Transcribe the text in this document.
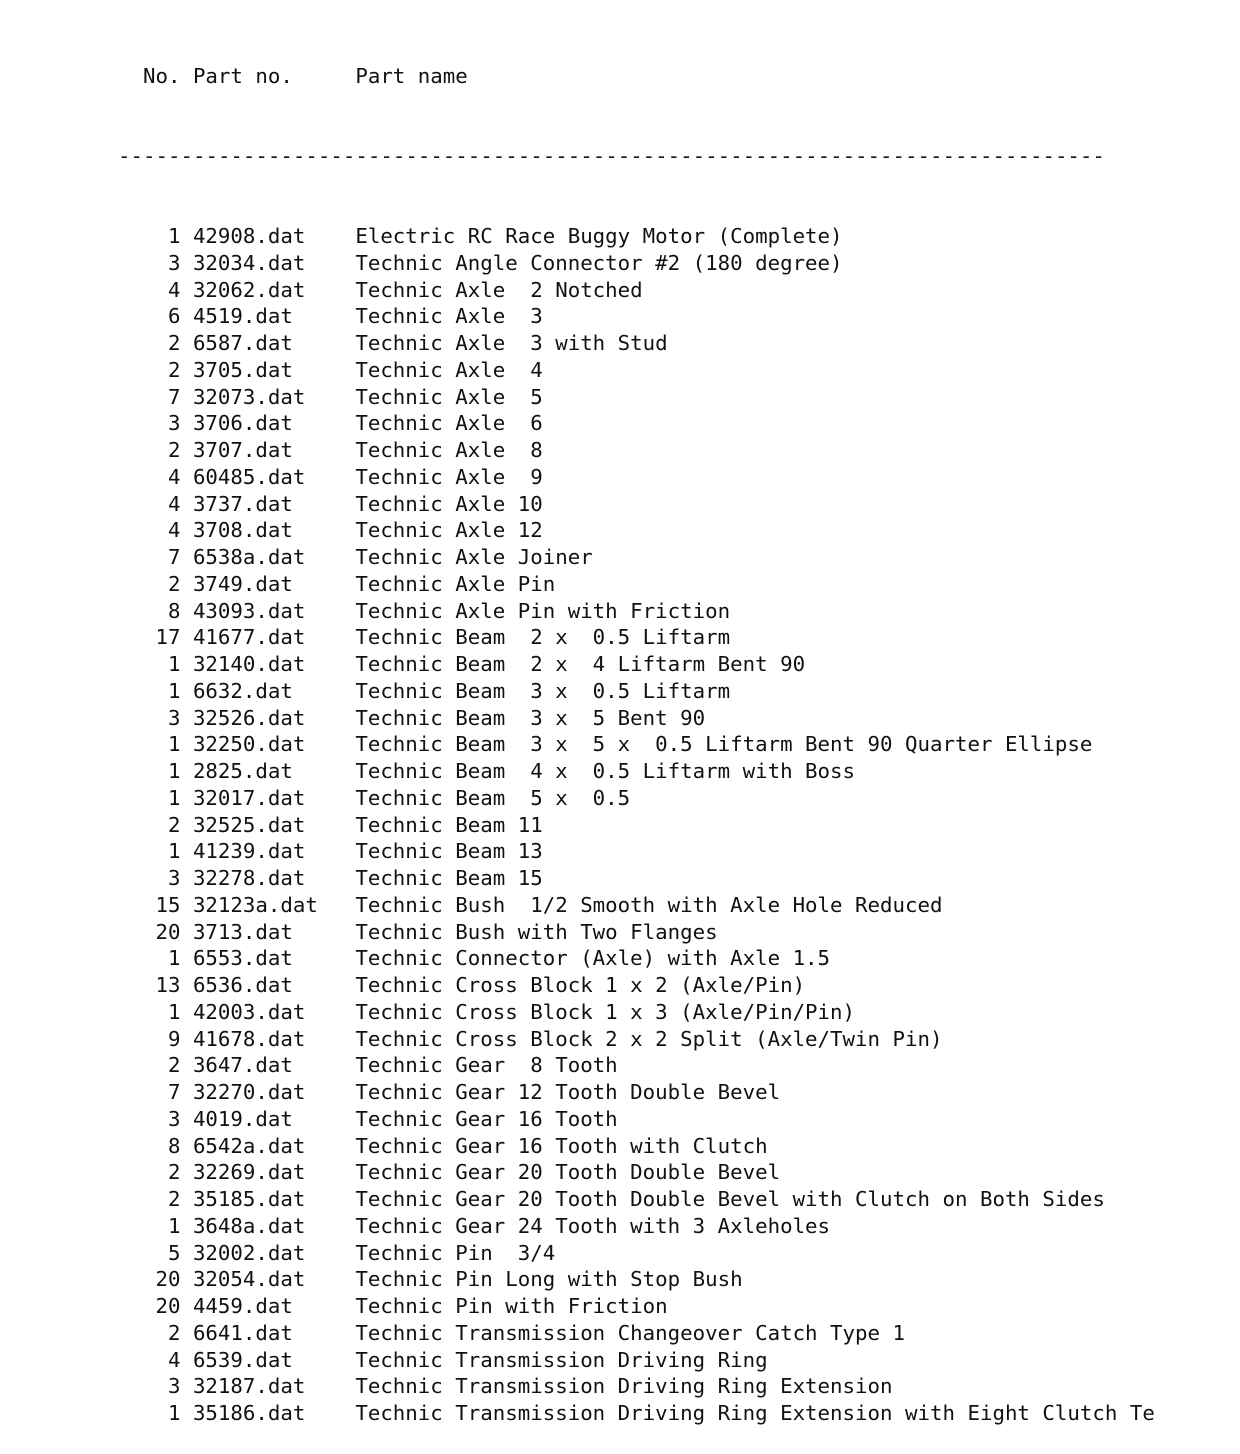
No. Part no.	Part name

-------------------------------------------------------------------------------

1 42908.dat Electric RC Race Buggy Motor (Complete)
3 32034.dat Technic Angle Connector #2 (180 degree)
4 32062.dat Technic Axle  2 Notched
6 4519.dat	Technic Axle  3
2 6587.dat	Technic Axle  3 with Stud
2 3705.dat	Technic Axle  4
7 32073.dat Technic Axle  5
3 3706.dat	Technic Axle  6
2 3707.dat	Technic Axle  8
4 60485.dat Technic Axle  9
4 3737.dat	Technic Axle 10
4 3708.dat	Technic Axle 12
7 6538a.dat Technic Axle Joiner
2 3749.dat	Technic Axle Pin
8 43093.dat Technic Axle Pin with Friction
17 41677.dat Technic Beam  2 x  0.5 Liftarm
1 32140.dat Technic Beam  2 x  4 Liftarm Bent 90
1 6632.dat	Technic Beam  3 x  0.5 Liftarm
3 32526.dat Technic Beam  3 x  5 Bent 90
1 32250.dat Technic Beam  3 x  5 x  0.5 Liftarm Bent 90 Quarter Ellipse
1 2825.dat	Technic Beam  4 x  0.5 Liftarm with Boss
1 32017.dat Technic Beam  5 x  0.5
2 32525.dat Technic Beam 11
1 41239.dat Technic Beam 13
3 32278.dat Technic Beam 15
15 32123a.dat Technic Bush  1/2 Smooth with Axle Hole Reduced
20 3713.dat	Technic Bush with Two Flanges
1 6553.dat	Technic Connector (Axle) with Axle 1.5
13 6536.dat	Technic Cross Block 1 x 2 (Axle/Pin)
1 42003.dat Technic Cross Block 1 x 3 (Axle/Pin/Pin)
9 41678.dat Technic Cross Block 2 x 2 Split (Axle/Twin Pin)
2 3647.dat	Technic Gear  8 Tooth
7 32270.dat Technic Gear 12 Tooth Double Bevel
3 4019.dat	Technic Gear 16 Tooth
8 6542a.dat Technic Gear 16 Tooth with Clutch
2 32269.dat Technic Gear 20 Tooth Double Bevel
2 35185.dat Technic Gear 20 Tooth Double Bevel with Clutch on Both Sides
1 3648a.dat Technic Gear 24 Tooth with 3 Axleholes
5 32002.dat Technic Pin  3/4
20 32054.dat Technic Pin Long with Stop Bush
20 4459.dat	Technic Pin with Friction
2 6641.dat	Technic Transmission Changeover Catch Type 1
4 6539.dat	Technic Transmission Driving Ring
3 32187.dat Technic Transmission Driving Ring Extension
1 35186.dat Technic Transmission Driving Ring Extension with Eight Clutch Te
